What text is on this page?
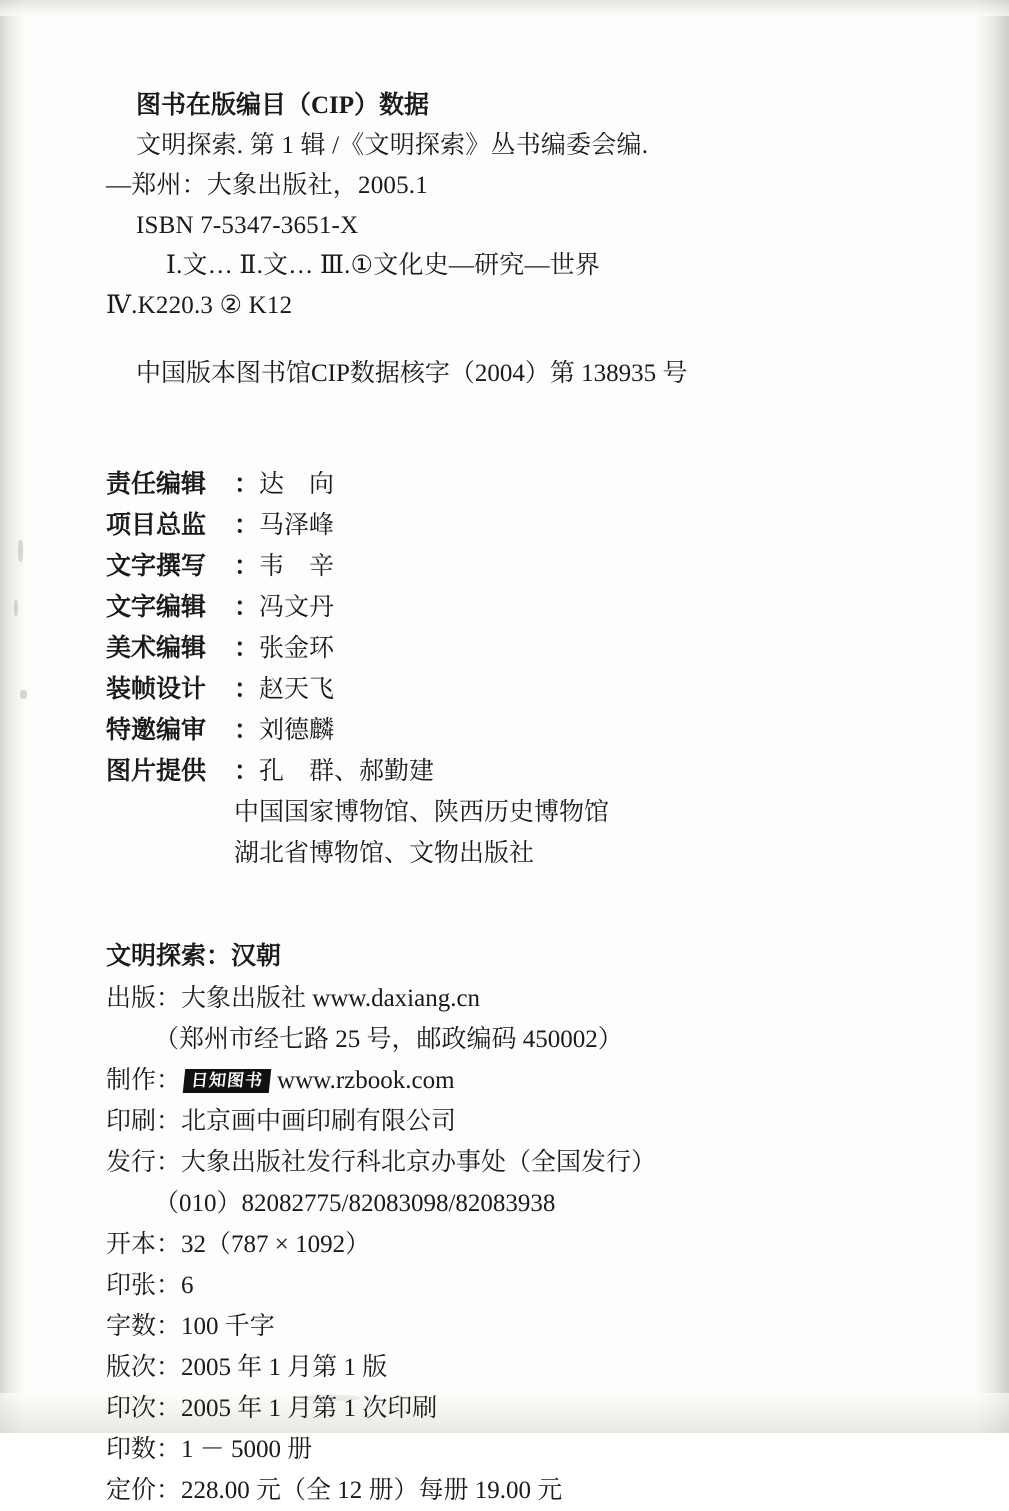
图书在版编目（CIP）数据
文明探索. 第 1 辑 /《文明探索》丛书编委会编.
—郑州：大象出版社，2005.1
ISBN 7-5347-3651-X
Ⅰ.文… Ⅱ.文… Ⅲ.①文化史—研究—世界
Ⅳ.K220.3 ② K12
中国版本图书馆CIP数据核字（2004）第 138935 号
责任编辑	： 达    向
项目总监	： 马泽峰
文字撰写	： 韦    辛
文字编辑	： 冯文丹
美术编辑	： 张金环
装帧设计	： 赵天飞
特邀编审	： 刘德麟
图片提供	： 孔    群、郝勤建
中国国家博物馆、陕西历史博物馆
湖北省博物馆、文物出版社
文明探索：汉朝
出版 ： 大象出版社 www.daxiang.cn
（郑州市经七路 25 号，邮政编码 450002）
制作 ： 日知图书 www.rzbook.com
印刷 ： 北京画中画印刷有限公司
发行 ： 大象出版社发行科北京办事处（全国发行）
（010）82082775/82083098/82083938
开本 ： 32（787 × 1092）
印张 ： 6
字数 ： 100 千字
版次 ： 2005 年 1 月第 1 版
印次 ： 2005 年 1 月第 1 次印刷
印数 ： 1 － 5000 册
定价 ： 228.00 元（全 12 册）每册 19.00 元
